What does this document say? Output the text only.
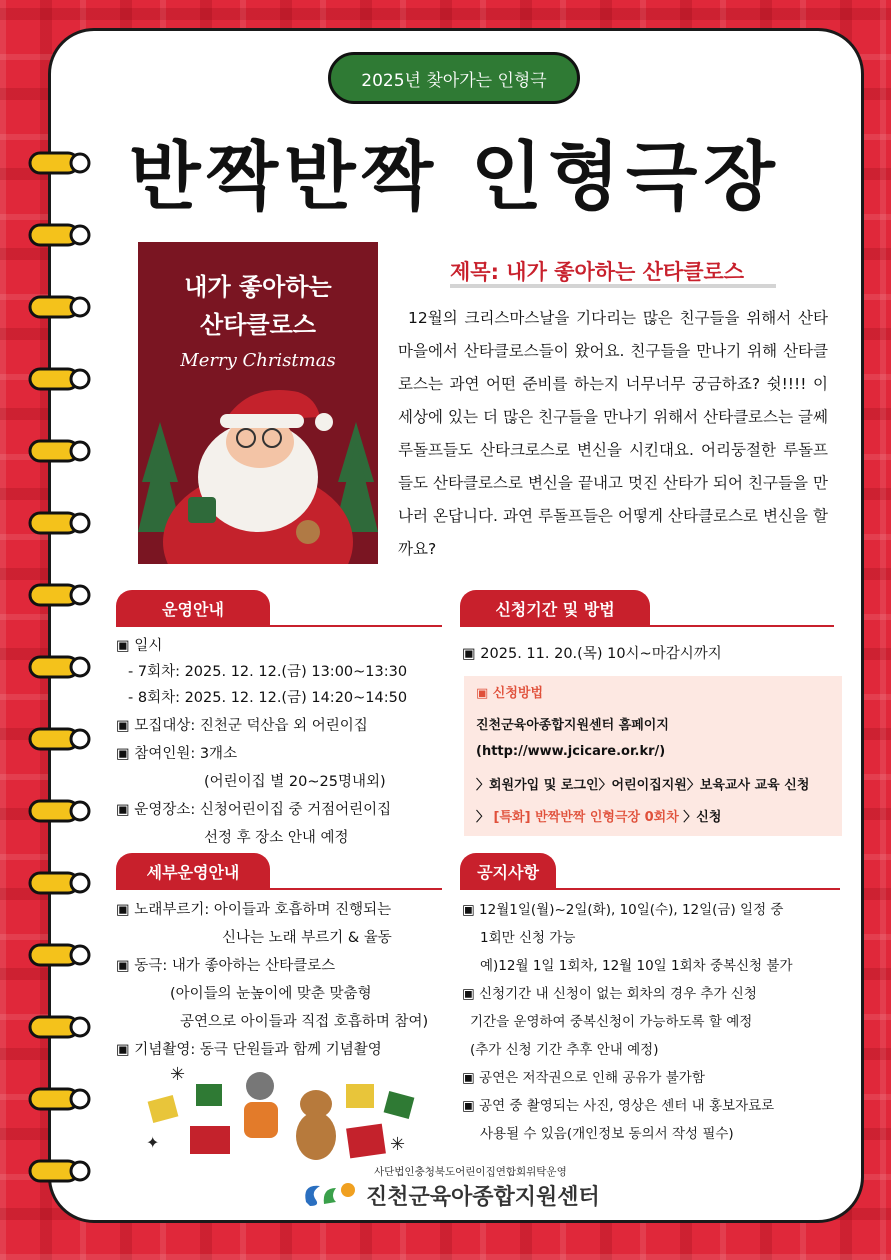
2025년 찾아가는 인형극
반짝반짝 인형극장
내가 좋아하는
산타클로스
Merry Christmas
제목: 내가 좋아하는 산타클로스
12월의 크리스마스날을 기다리는 많은 친구들을 위해서 산타마을에서 산타클로스들이 왔어요. 친구들을 만나기 위해 산타클로스는 과연 어떤 준비를 하는지 너무너무 궁금하죠? 쉿!!!! 이 세상에 있는 더 많은 친구들을 만나기 위해서 산타클로스는 글쎄 루돌프들도 산타크로스로 변신을 시킨대요. 어리둥절한 루돌프들도 산타클로스로 변신을 끝내고 멋진 산타가 되어 친구들을 만나러 온답니다. 과연 루돌프들은 어떻게 산타클로스로 변신을 할까요?
운영안내
▣ 일시
- 7회차: 2025. 12. 12.(금) 13:00~13:30
- 8회차: 2025. 12. 12.(금) 14:20~14:50
▣ 모집대상: 진천군 덕산읍 외 어린이집
▣ 참여인원: 3개소
(어린이집 별 20~25명내외)
▣ 운영장소: 신청어린이집 중 거점어린이집
선정 후 장소 안내 예정
신청기간 및 방법
▣ 2025. 11. 20.(목) 10시~마감시까지
▣ 신청방법
진천군육아종합지원센터 홈페이지
(http://www.jcicare.or.kr/)
〉회원가입 및 로그인〉어린이집지원〉보육교사 교육 신청
〉 [특화] 반짝반짝 인형극장 0회차 〉신청
세부운영안내
▣ 노래부르기: 아이들과 호흡하며 진행되는
신나는 노래 부르기 & 율동
▣ 동극: 내가 좋아하는 산타클로스
(아이들의 눈높이에 맞춘 맞춤형
공연으로 아이들과 직접 호흡하며 참여)
▣ 기념촬영: 동극 단원들과 함께 기념촬영
✳
✦	✳
공지사항
▣ 12월1일(월)~2일(화), 10일(수), 12일(금) 일정 중
1회만 신청 가능
예)12월 1일 1회차, 12월 10일 1회차 중복신청 불가
▣ 신청기간 내 신청이 없는 회차의 경우 추가 신청
기간을 운영하여 중복신청이 가능하도록 할 예정
(추가 신청 기간 추후 안내 예정)
▣ 공연은 저작권으로 인해 공유가 불가함
▣ 공연 중 촬영되는 사진, 영상은 센터 내 홍보자료로
사용될 수 있음(개인정보 동의서 작성 필수)
사단법인충청북도어린이집연합회위탁운영
진천군육아종합지원센터
